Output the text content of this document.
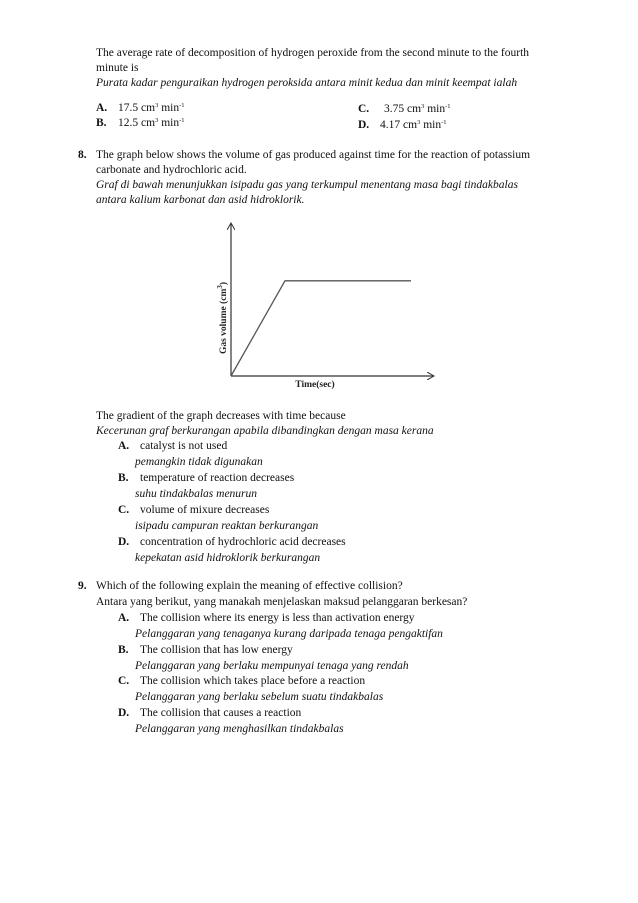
The average rate of decomposition of hydrogen peroxide from the second minute to the fourth
minute is
Purata kadar penguraikan hydrogen peroksida antara minit kedua dan minit keempat ialah
A. 17.5 $cm^3$ $\min^{-1}$
B. 12.5 $cm^3$ $\min^{-1}$
C. 3.75 $cm^3$ $\min^{-1}$
D. 4.17 $cm^3$ $\min^{-1}$
8. The graph below shows the volume of gas produced against time for the reaction of potassium
carbonate and hydrochloric acid.
Graf di bawah menunjukkan isipadu gas yang terkumpul menentang masa bagi tindakbalas
antara kalium karbonat dan asid hidroklorik.
Gas volume $(cm^3)$
Time(sec)
The gradient of the graph decreases with time because
Kecerunan graf berkurangan apabila dibandingkan dengan masa kerana
A. catalyst is not used
pemangkin tidak digunakan
B. temperature of reaction decreases
suhu tindakbalas menurun
C. volume of mixure decreases
isipadu campuran reaktan berkurangan
D. concentration of hydrochloric acid decreases
kepekatan asid hidroklorik berkurangan
9. Which of the following explain the meaning of effective collision?
Antara yang berikut, yang manakah menjelaskan maksud pelanggaran berkesan?
A. The collision where its energy is less than activation energy
Pelanggaran yang tenaganya kurang daripada tenaga pengaktifan
B. The collision that has low energy
Pelanggaran yang berlaku mempunyai tenaga yang rendah
C. The collision which takes place before a reaction
Pelanggaran yang berlaku sebelum suatu tindakbalas
D. The collision that causes a reaction
Pelanggaran yang menghasilkan tindakbalas
